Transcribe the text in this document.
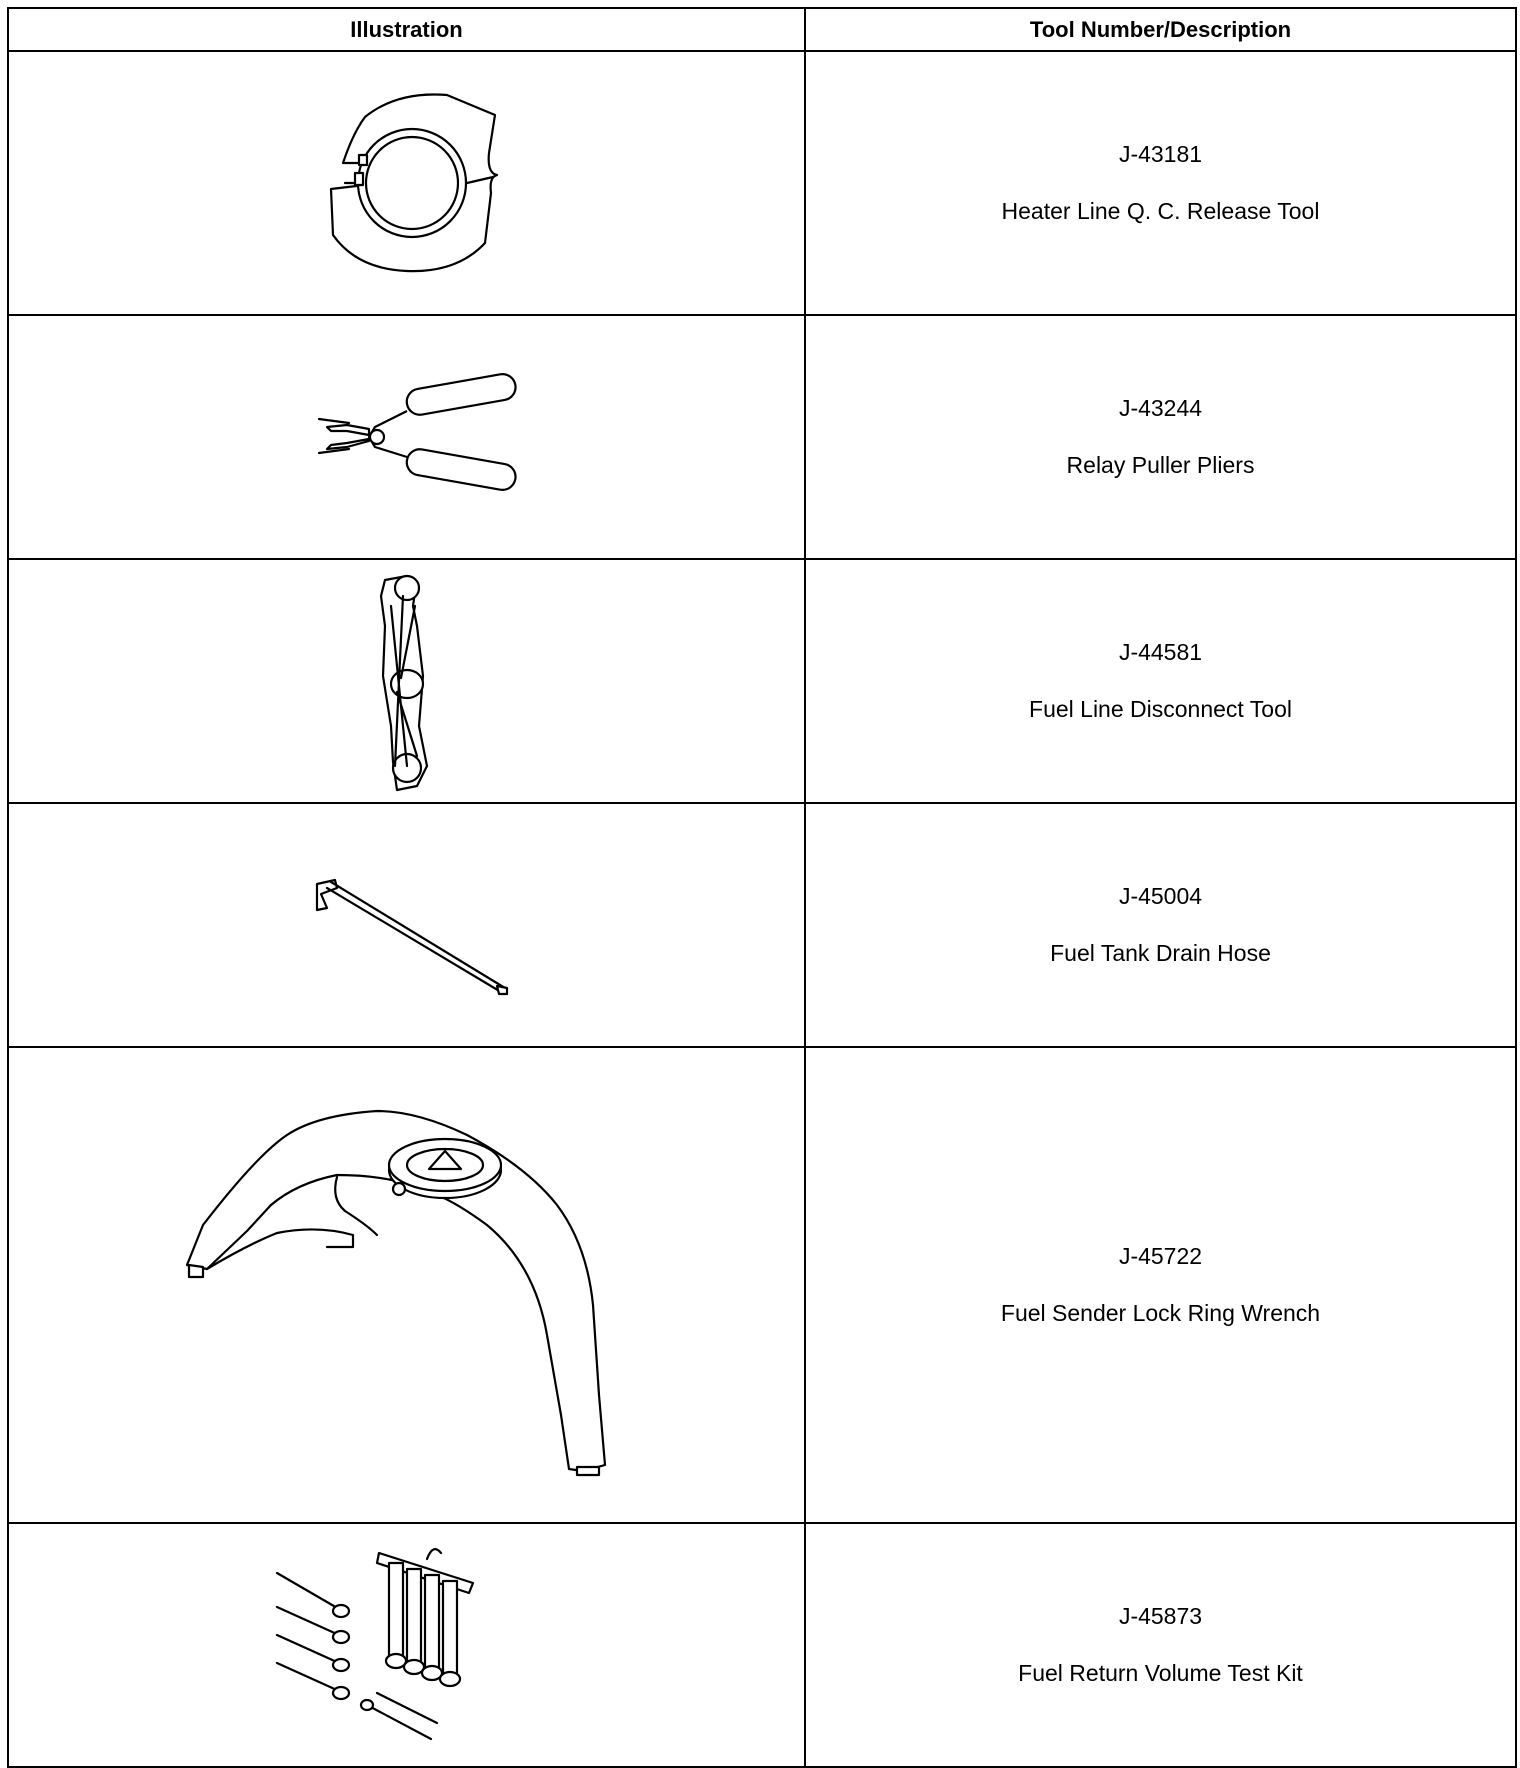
Illustration	Tool Number/Description

J-43181
Heater Line Q. C. Release Tool

J-43244
Relay Puller Pliers

J-44581
Fuel Line Disconnect Tool

J-45004
Fuel Tank Drain Hose

J-45722
Fuel Sender Lock Ring Wrench

J-45873
Fuel Return Volume Test Kit
